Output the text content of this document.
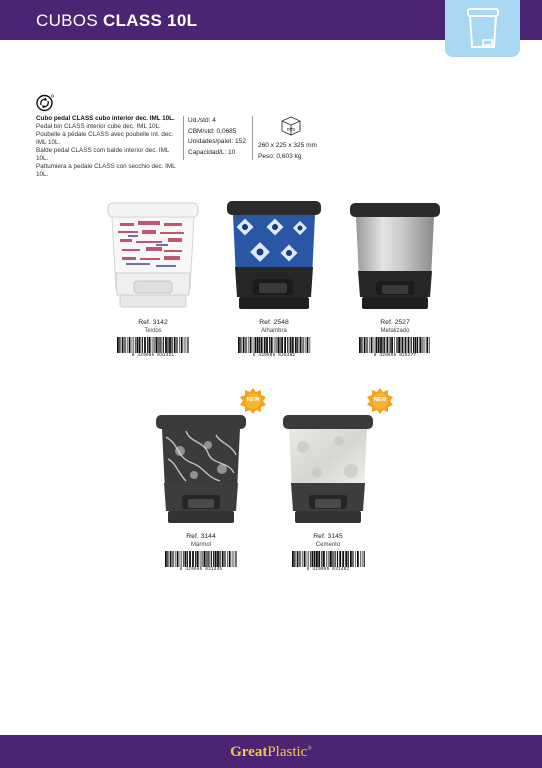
CUBOS CLASS 10L
Cubo pedal CLASS cubo interior dec. IML 10L.
Pedal bin CLASS interior cube dec. IML 10L.
Poubelle à pédale CLASS avec poubelle int. dec. IML 10L.
Balde pedal CLASS com balde interior dec. IML 10L.
Pattumiera a pedale CLASS con secchio dec. IML 10L.
Ud./std: 4
CBM/std: 0,0685
Unidades/palet: 152
Capacidad/L: 10
mm
260 x 225 x 325 mm
Peso: 0,603 kg
Ref. 3142
Textos
8 429905 031421
Ref. 2548
Alhambra
8 429905 025482
Ref. 2527
Metalizado
8 429905 025277
Ref. 3144
Mármol
8 429905 031445
Ref. 3145
Cemento
8 429905 031452
NEW	NEW
GreatPlastic®
